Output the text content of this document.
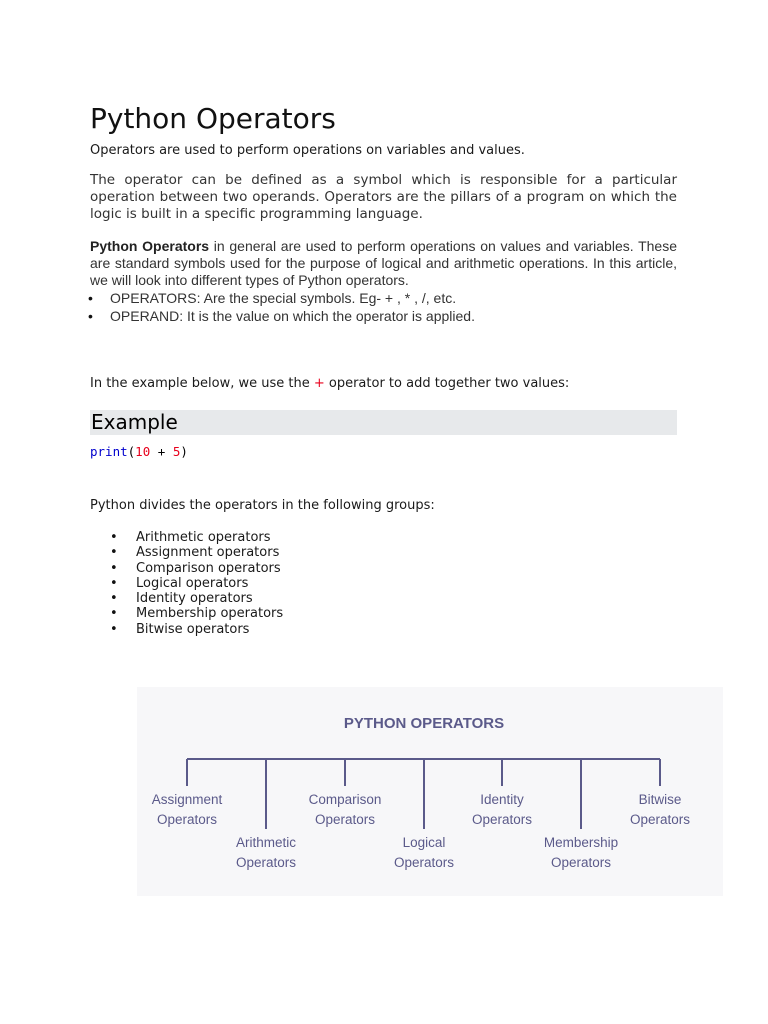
Python Operators

Operators are used to perform operations on variables and values.

The operator can be defined as a symbol which is responsible for a particular operation between two operands. Operators are the pillars of a program on which the logic is built in a specific programming language.

Python Operators in general are used to perform operations on values and variables. These are standard symbols used for the purpose of logical and arithmetic operations. In this article, we will look into different types of Python operators.

• OPERATORS: Are the special symbols. Eg- + , * , /, etc.
• OPERAND: It is the value on which the operator is applied.

In the example below, we use the + operator to add together two values:

Example
print(10 + 5)

Python divides the operators in the following groups:

• Arithmetic operators
• Assignment operators
• Comparison operators
• Logical operators
• Identity operators
• Membership operators
• Bitwise operators
PYTHON OPERATORS
Assignment
Operators
Arithmetic
Operators
Comparison
Operators
Logical
Operators
Identity
Operators
Membership
Operators
Bitwise
Operators
